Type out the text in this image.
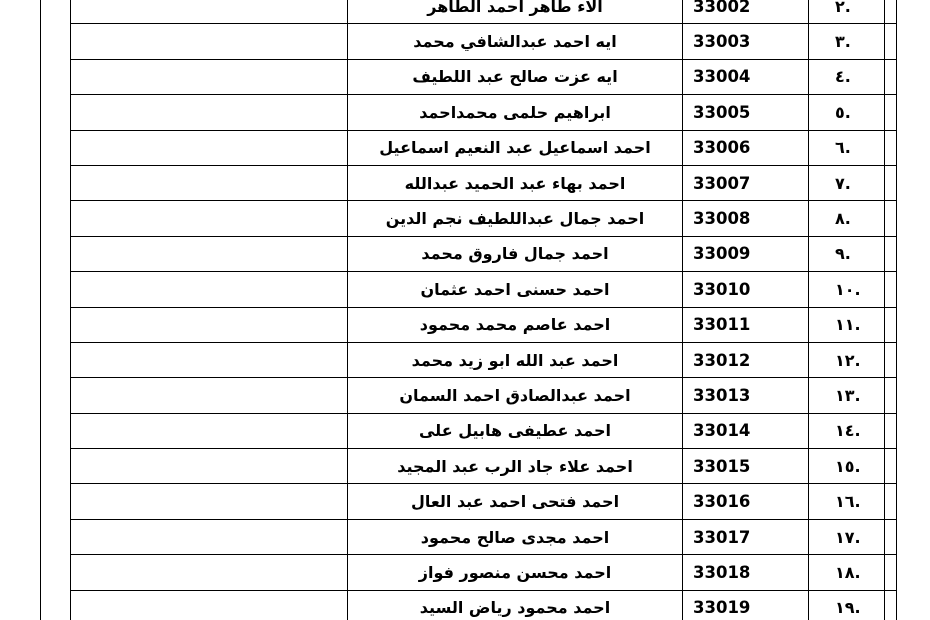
	الاء طاهر احمد الطاهر	33002	٢.
	ايه احمد عبدالشافي محمد	33003	٣.
	ايه عزت صالح عبد اللطيف	33004	٤.
	ابراهيم حلمى محمداحمد	33005	٥.
	احمد اسماعيل عبد النعيم اسماعيل	33006	٦.
	احمد بهاء عبد الحميد عبدالله	33007	٧.
	احمد جمال عبداللطيف نجم الدين	33008	٨.
	احمد جمال فاروق محمد	33009	٩.
	احمد حسنى احمد عثمان	33010	١٠.
	احمد عاصم محمد محمود	33011	١١.
	احمد عبد الله ابو زيد محمد	33012	١٢.
	احمد عبدالصادق احمد السمان	33013	١٣.
	احمد عطيفى هابيل على	33014	١٤.
	احمد علاء جاد الرب عبد المجيد	33015	١٥.
	احمد فتحى احمد عبد العال	33016	١٦.
	احمد مجدى صالح محمود	33017	١٧.
	احمد محسن منصور فواز	33018	١٨.
	احمد محمود رياض السيد	33019	١٩.
